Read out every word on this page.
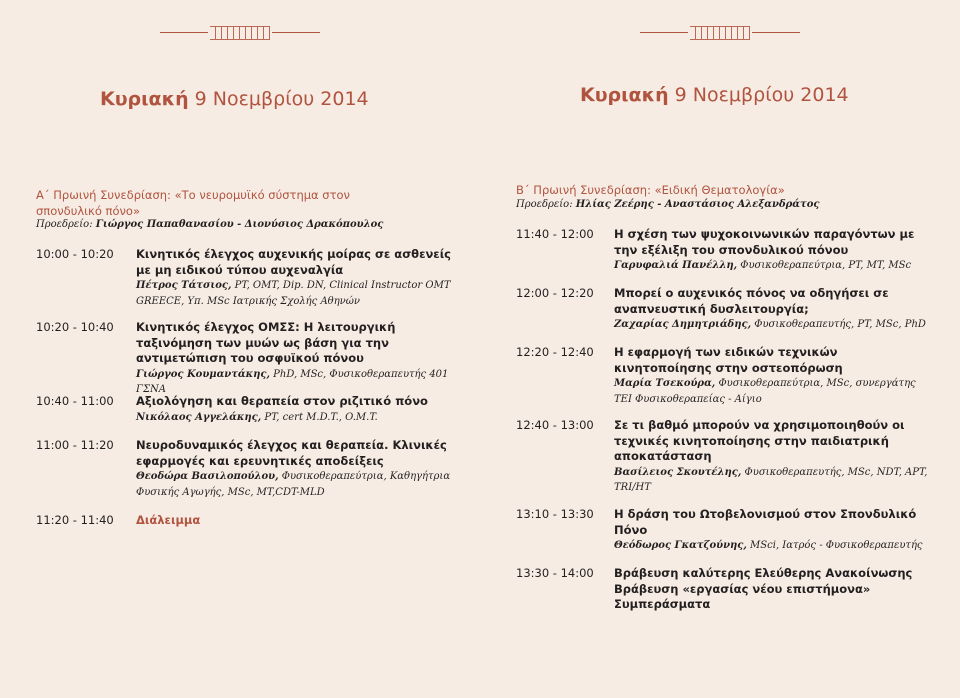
Κυριακή 9 Νοεμβρίου 2014
Α΄ Πρωινή Συνεδρίαση: «Το νευρομυϊκό σύστημα στον σπονδυλικό πόνο»
Προεδρείο: Γιώργος Παπαθανασίου - Διονύσιος Δρακόπουλος
10:00 - 10:20 Κινητικός έλεγχος αυχενικής μοίρας σε ασθενείς με μη ειδικού τύπου αυχεναλγία
Πέτρος Τάτσιος, PT, OMT, Dip. DN, Clinical Instructor OMT GREECE, Υπ. MSc Ιατρικής Σχολής Αθηνών
10:20 - 10:40 Κινητικός έλεγχος ΟΜΣΣ: Η λειτουργική ταξινόμηση των μυών ως βάση για την αντιμετώπιση του οσφυϊκού πόνου
Γιώργος Κουμαντάκης, PhD, MSc, Φυσικοθεραπευτής 401 ΓΣΝΑ
10:40 - 11:00 Αξιολόγηση και θεραπεία στον ριζιτικό πόνο
Νικόλαος Αγγελάκης, PT, cert M.D.T., O.M.T.
11:00 - 11:20 Νευροδυναμικός έλεγχος και θεραπεία. Κλινικές εφαρμογές και ερευνητικές αποδείξεις
Θεοδώρα Βασιλοπούλου, Φυσικοθεραπεύτρια, Καθηγήτρια Φυσικής Αγωγής, MSc, MT,CDT-MLD
11:20 - 11:40 Διάλειμμα
Κυριακή 9 Νοεμβρίου 2014
Β΄ Πρωινή Συνεδρίαση: «Ειδική Θεματολογία»
Προεδρείο: Ηλίας Ζεέρης - Αναστάσιος Αλεξανδράτος
11:40 - 12:00 Η σχέση των ψυχοκοινωνικών παραγόντων με την εξέλιξη του σπονδυλικού πόνου
Γαρυφαλιά Πανέλλη, Φυσικοθεραπεύτρια, PT, MT, MSc
12:00 - 12:20 Μπορεί ο αυχενικός πόνος να οδηγήσει σε αναπνευστική δυσλειτουργία;
Ζαχαρίας Δημητριάδης, Φυσικοθεραπευτής, PT, MSc, PhD
12:20 - 12:40 Η εφαρμογή των ειδικών τεχνικών κινητοποίησης στην οστεοπόρωση
Μαρία Τσεκούρα, Φυσικοθεραπεύτρια, MSc, συνεργάτης ΤΕΙ Φυσικοθεραπείας - Αίγιο
12:40 - 13:00 Σε τι βαθμό μπορούν να χρησιμοποιηθούν οι τεχνικές κινητοποίησης στην παιδιατρική αποκατάσταση
Βασίλειος Σκουτέλης, Φυσικοθεραπευτής, MSc, NDT, APT, TRI/HT
13:10 - 13:30 Η δράση του Ωτοβελονισμού στον Σπονδυλικό Πόνο
Θεόδωρος Γκατζούνης, MSci, Ιατρός - Φυσικοθεραπευτής
13:30 - 14:00 Βράβευση καλύτερης Ελεύθερης Ανακοίνωσης Βράβευση «εργασίας νέου επιστήμονα» Συμπεράσματα
